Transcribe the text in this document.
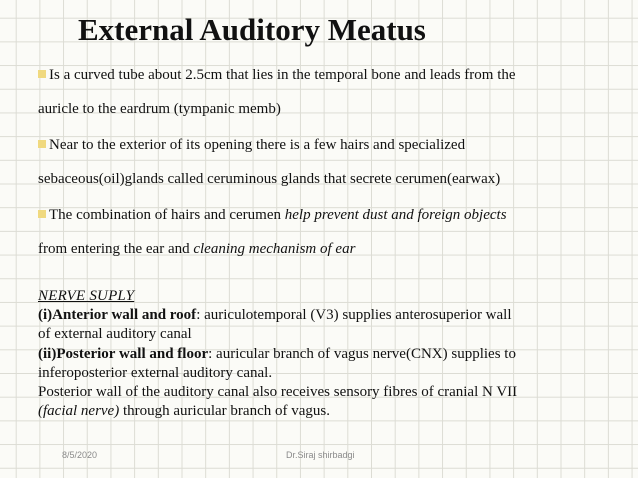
External Auditory Meatus
Is a curved tube about 2.5cm that lies in the temporal bone and leads from the
auricle to the eardrum (tympanic memb)
Near to the exterior of its opening there is a few hairs and specialized
sebaceous(oil)glands called ceruminous glands that secrete cerumen(earwax)
The combination of hairs and cerumen help prevent dust and foreign objects
from entering the ear and cleaning mechanism of ear
NERVE SUPLY
(i)Anterior wall and roof: auriculotemporal (V3) supplies anterosuperior wall
of external auditory canal
(ii)Posterior wall and floor: auricular branch of vagus nerve(CNX) supplies to
inferoposterior external auditory canal.
Posterior wall of the auditory canal also receives sensory fibres of cranial N VII
(facial nerve) through auricular branch of vagus.
8/5/2020	Dr.Siraj shirbadgi
